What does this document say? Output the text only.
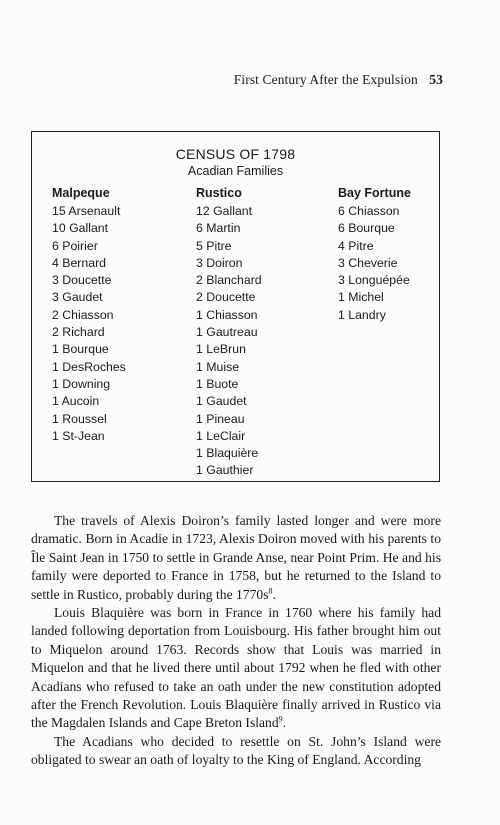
First Century After the Expulsion 53
CENSUS OF 1798
Acadian Families
Malpeque
15 Arsenault
10 Gallant
6 Poirier
4 Bernard
3 Doucette
3 Gaudet
2 Chiasson
2 Richard
1 Bourque
1 DesRoches
1 Downing
1 Aucoin
1 Roussel
1 St-Jean
Rustico
12 Gallant
6 Martin
5 Pitre
3 Doiron
2 Blanchard
2 Doucette
1 Chiasson
1 Gautreau
1 LeBrun
1 Muise
1 Buote
1 Gaudet
1 Pineau
1 LeClair
1 Blaquière
1 Gauthier
Bay Fortune
6 Chiasson
6 Bourque
4 Pitre
3 Cheverie
3 Longuépée
1 Michel
1 Landry

The travels of Alexis Doiron’s family lasted longer and were more dramatic. Born in Acadie in 1723, Alexis Doiron moved with his parents to Île Saint Jean in 1750 to settle in Grande Anse, near Point Prim. He and his family were deported to France in 1758, but he returned to the Island to settle in Rustico, probably during the $1770s^8$.

Louis Blaquière was born in France in 1760 where his family had landed following deportation from Louisbourg. His father brought him out to Miquelon around 1763. Records show that Louis was married in Miquelon and that he lived there until about 1792 when he fled with other Acadians who refused to take an oath under the new constitution adopted after the French Revolution. Louis Blaquière finally arrived in Rustico via the Magdalen Islands and Cape Breton Island$^9$.

The Acadians who decided to resettle on St. John’s Island were obligated to swear an oath of loyalty to the King of England. According
